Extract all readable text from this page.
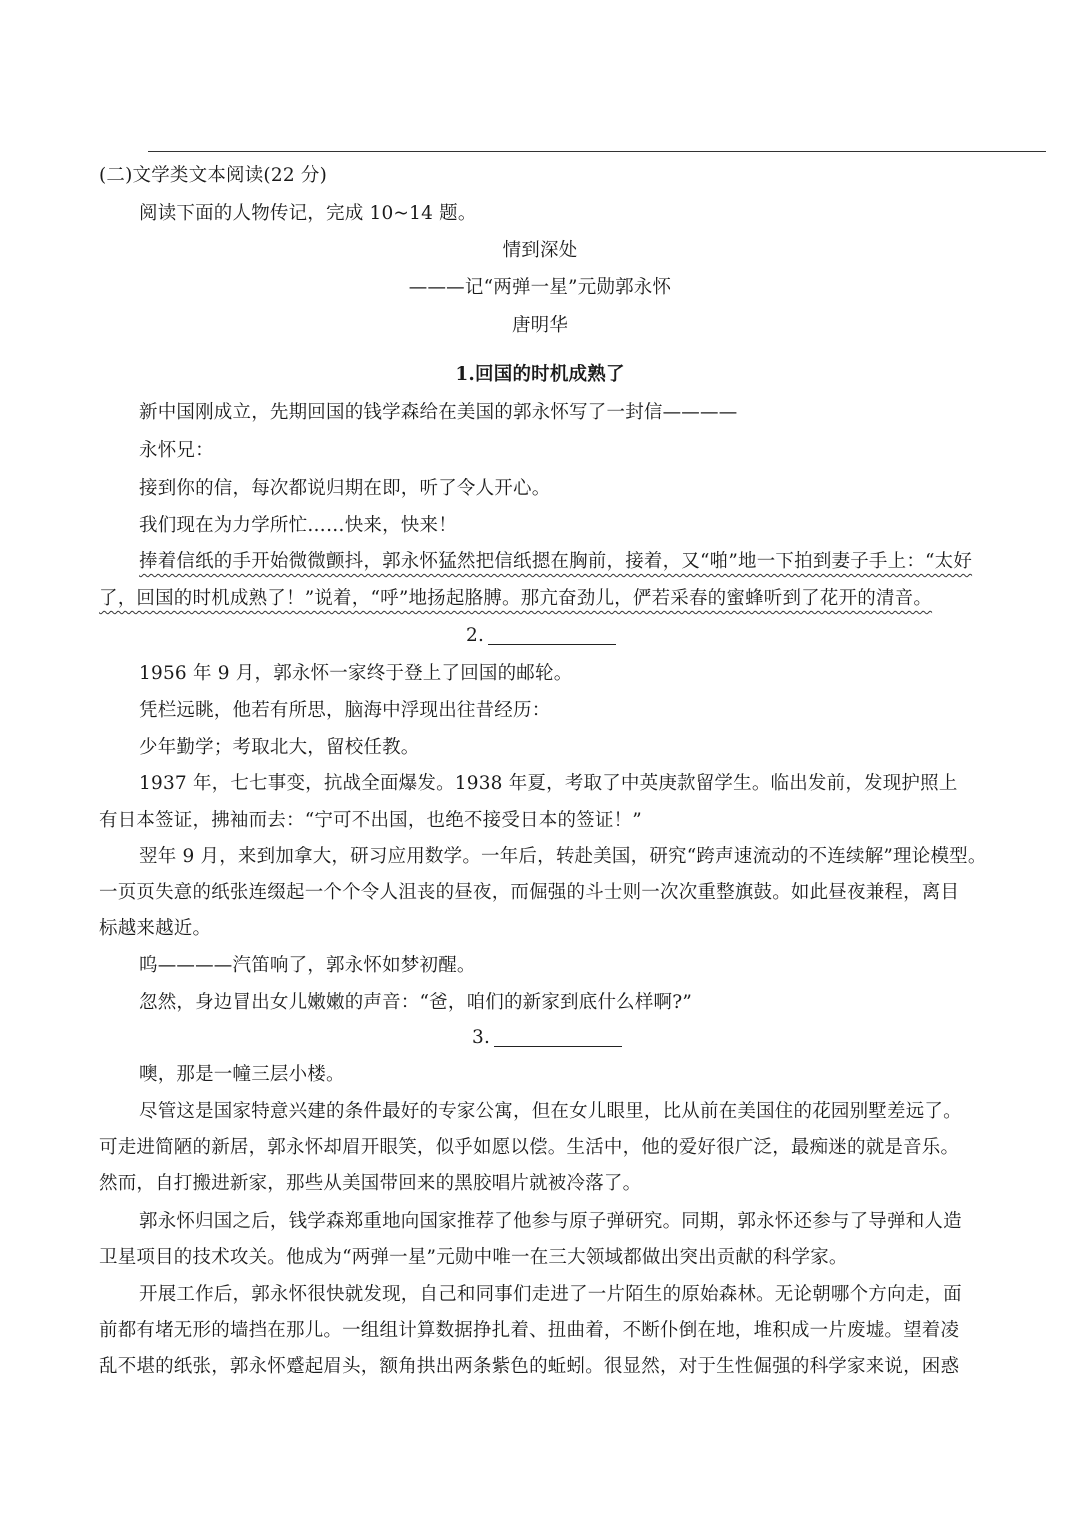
(二)文学类文本阅读(22 分)
阅读下面的人物传记，完成 10~14 题。
情到深处
———记“两弹一星”元勋郭永怀
唐明华
1.回国的时机成熟了
新中国刚成立，先期回国的钱学森给在美国的郭永怀写了一封信————
永怀兄：
接到你的信，每次都说归期在即，听了令人开心。
我们现在为力学所忙……快来，快来！
捧着信纸的手开始微微颤抖，郭永怀猛然把信纸摁在胸前，接着，又“啪”地一下拍到妻子手上：“太好
了，回国的时机成熟了！”说着，“呼”地扬起胳膊。那亢奋劲儿，俨若采春的蜜蜂听到了花开的清音。
2.
1956 年 9 月，郭永怀一家终于登上了回国的邮轮。
凭栏远眺，他若有所思，脑海中浮现出往昔经历：
少年勤学；考取北大，留校任教。
1937 年，七七事变，抗战全面爆发。1938 年夏，考取了中英庚款留学生。临出发前，发现护照上
有日本签证，拂袖而去：“宁可不出国，也绝不接受日本的签证！”
翌年 9 月，来到加拿大，研习应用数学。一年后，转赴美国，研究“跨声速流动的不连续解”理论模型。
一页页失意的纸张连缀起一个个令人沮丧的昼夜，而倔强的斗士则一次次重整旗鼓。如此昼夜兼程，离目
标越来越近。
呜————汽笛响了，郭永怀如梦初醒。
忽然，身边冒出女儿嫩嫩的声音：“爸，咱们的新家到底什么样啊?”
3.
噢，那是一幢三层小楼。
尽管这是国家特意兴建的条件最好的专家公寓，但在女儿眼里，比从前在美国住的花园别墅差远了。
可走进简陋的新居，郭永怀却眉开眼笑，似乎如愿以偿。生活中，他的爱好很广泛，最痴迷的就是音乐。
然而，自打搬进新家，那些从美国带回来的黑胶唱片就被冷落了。
郭永怀归国之后，钱学森郑重地向国家推荐了他参与原子弹研究。同期，郭永怀还参与了导弹和人造
卫星项目的技术攻关。他成为“两弹一星”元勋中唯一在三大领域都做出突出贡献的科学家。
开展工作后，郭永怀很快就发现，自己和同事们走进了一片陌生的原始森林。无论朝哪个方向走，面
前都有堵无形的墙挡在那儿。一组组计算数据挣扎着、扭曲着，不断仆倒在地，堆积成一片废墟。望着凌
乱不堪的纸张，郭永怀蹙起眉头，额角拱出两条紫色的蚯蚓。很显然，对于生性倔强的科学家来说，困惑
